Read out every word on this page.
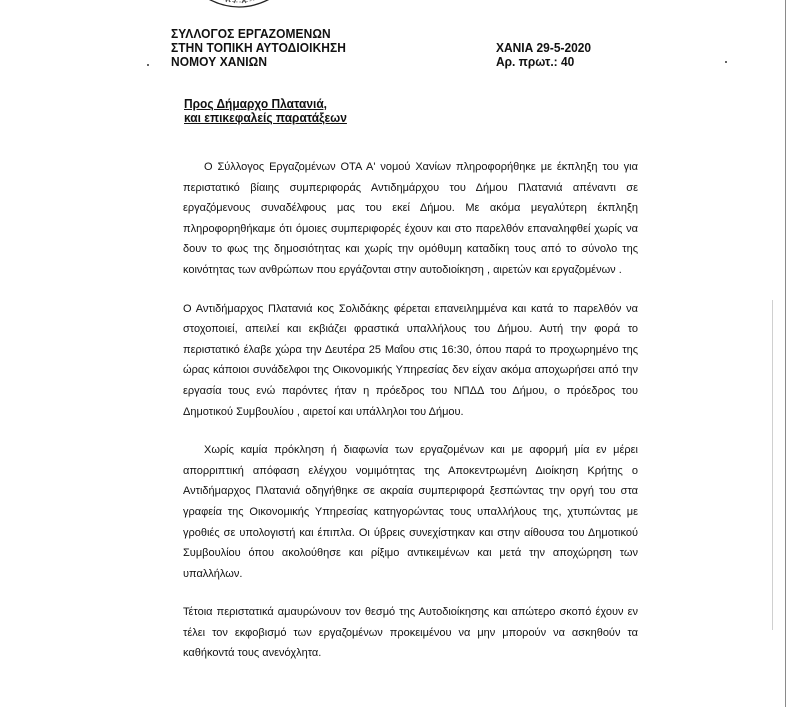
ΣΥΛΛΟΓΟΣ ΕΡΓΑΖΟΜΕΝΩΝ
ΣΤΗΝ ΤΟΠΙΚΗ ΑΥΤΟΔΙΟΙΚΗΣΗ
ΝΟΜΟΥ ΧΑΝΙΩΝ
ΧΑΝΙΑ 29-5-2020
Αρ. πρωτ.: 40
Προς Δήμαρχο Πλατανιά,
και επικεφαλείς παρατάξεων

Ο Σύλλογος Εργαζομένων ΟΤΑ Α' νομού Χανίων πληροφορήθηκε με έκπληξη του για περιστατικό βίαιης συμπεριφοράς Αντιδημάρχου του Δήμου Πλατανιά απέναντι σε εργαζόμενους συναδέλφους μας του εκεί Δήμου. Με ακόμα μεγαλύτερη έκπληξη πληροφορηθήκαμε ότι όμοιες συμπεριφορές έχουν και στο παρελθόν επαναληφθεί χωρίς να δουν το φως της δημοσιότητας και χωρίς την ομόθυμη καταδίκη τους από το σύνολο της κοινότητας των ανθρώπων που εργάζονται στην αυτοδιοίκηση , αιρετών και εργαζομένων .

Ο Αντιδήμαρχος Πλατανιά κος Σολιδάκης φέρεται επανειλημμένα και κατά το παρελθόν να στοχοποιεί, απειλεί και εκβιάζει φραστικά υπαλλήλους του Δήμου. Αυτή την φορά το περιστατικό έλαβε χώρα την Δευτέρα 25 Μαΐου στις 16:30, όπου παρά το προχωρημένο της ώρας κάποιοι συνάδελφοι της Οικονομικής Υπηρεσίας δεν είχαν ακόμα αποχωρήσει από την εργασία τους ενώ παρόντες ήταν η πρόεδρος του ΝΠΔΔ του Δήμου, ο πρόεδρος του Δημοτικού Συμβουλίου , αιρετοί και υπάλληλοι του Δήμου.

Χωρίς καμία πρόκληση ή διαφωνία των εργαζομένων και με αφορμή μία εν μέρει απορριπτική απόφαση ελέγχου νομιμότητας της Αποκεντρωμένη Διοίκηση Κρήτης ο Αντιδήμαρχος Πλατανιά οδηγήθηκε σε ακραία συμπεριφορά ξεσπώντας την οργή του στα γραφεία της Οικονομικής Υπηρεσίας κατηγορώντας τους υπαλλήλους της, χτυπώντας με γροθιές σε υπολογιστή και έπιπλα. Οι ύβρεις συνεχίστηκαν και στην αίθουσα του Δημοτικού Συμβουλίου όπου ακολούθησε και ρίξιμο αντικειμένων και μετά την αποχώρηση των υπαλλήλων.

Τέτοια περιστατικά αμαυρώνουν τον θεσμό της Αυτοδιοίκησης και απώτερο σκοπό έχουν εν τέλει τον εκφοβισμό των εργαζομένων προκειμένου να μην μπορούν να ασκηθούν τα καθήκοντά τους ανενόχλητα.
